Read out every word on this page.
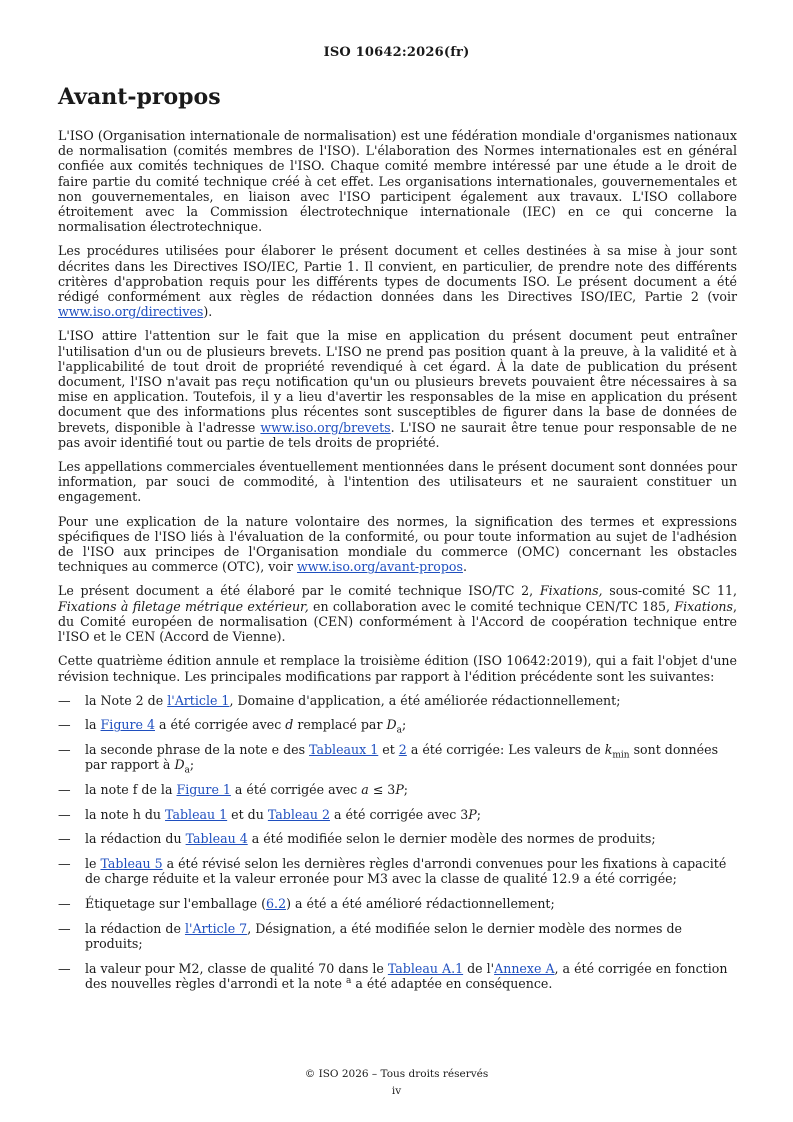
ISO 10642:2026(fr)
Avant-propos

L'ISO (Organisation internationale de normalisation) est une fédération mondiale d'organismes nationaux de normalisation (comités membres de l'ISO). L'élaboration des Normes internationales est en général confiée aux comités techniques de l'ISO. Chaque comité membre intéressé par une étude a le droit de faire partie du comité technique créé à cet effet. Les organisations internationales, gouvernementales et non gouvernementales, en liaison avec l'ISO participent également aux travaux. L'ISO collabore étroitement avec la Commission électrotechnique internationale (IEC) en ce qui concerne la normalisation électrotechnique.

Les procédures utilisées pour élaborer le présent document et celles destinées à sa mise à jour sont décrites dans les Directives ISO/IEC, Partie 1. Il convient, en particulier, de prendre note des différents critères d'approbation requis pour les différents types de documents ISO. Le présent document a été rédigé conformément aux règles de rédaction données dans les Directives ISO/IEC, Partie 2 (voir www.iso.org/directives).

L'ISO attire l'attention sur le fait que la mise en application du présent document peut entraîner l'utilisation d'un ou de plusieurs brevets. L'ISO ne prend pas position quant à la preuve, à la validité et à l'applicabilité de tout droit de propriété revendiqué à cet égard. À la date de publication du présent document, l'ISO n'avait pas reçu notification qu'un ou plusieurs brevets pouvaient être nécessaires à sa mise en application. Toutefois, il y a lieu d'avertir les responsables de la mise en application du présent document que des informations plus récentes sont susceptibles de figurer dans la base de données de brevets, disponible à l'adresse www.iso.org/brevets. L'ISO ne saurait être tenue pour responsable de ne pas avoir identifié tout ou partie de tels droits de propriété.

Les appellations commerciales éventuellement mentionnées dans le présent document sont données pour information, par souci de commodité, à l'intention des utilisateurs et ne sauraient constituer un engagement.

Pour une explication de la nature volontaire des normes, la signification des termes et expressions spécifiques de l'ISO liés à l'évaluation de la conformité, ou pour toute information au sujet de l'adhésion de l'ISO aux principes de l'Organisation mondiale du commerce (OMC) concernant les obstacles techniques au commerce (OTC), voir www.iso.org/avant-propos.

Le présent document a été élaboré par le comité technique ISO/TC 2, Fixations, sous-comité SC 11, Fixations à filetage métrique extérieur, en collaboration avec le comité technique CEN/TC 185, Fixations, du Comité européen de normalisation (CEN) conformément à l'Accord de coopération technique entre l'ISO et le CEN (Accord de Vienne).

Cette quatrième édition annule et remplace la troisième édition (ISO 10642:2019), qui a fait l'objet d'une révision technique. Les principales modifications par rapport à l'édition précédente sont les suivantes:

— la Note 2 de l'Article 1, Domaine d'application, a été améliorée rédactionnellement;
— la Figure 4 a été corrigée avec d remplacé par $D_a$;
— la seconde phrase de la note e des Tableaux 1 et 2 a été corrigée: Les valeurs de $k_{min}$ sont données par rapport à $D_a$;
— la note f de la Figure 1 a été corrigée avec a ≤ 3P;
— la note h du Tableau 1 et du Tableau 2 a été corrigée avec 3P;
— la rédaction du Tableau 4 a été modifiée selon le dernier modèle des normes de produits;
— le Tableau 5 a été révisé selon les dernières règles d'arrondi convenues pour les fixations à capacité de charge réduite et la valeur erronée pour M3 avec la classe de qualité 12.9 a été corrigée;
— Étiquetage sur l'emballage (6.2) a été a été amélioré rédactionnellement;
— la rédaction de l'Article 7, Désignation, a été modifiée selon le dernier modèle des normes de produits;
— la valeur pour M2, classe de qualité 70 dans le Tableau A.1 de l'Annexe A, a été corrigée en fonction des nouvelles règles d'arrondi et la note $^a$ a été adaptée en conséquence.
© ISO 2026 – Tous droits réservés
iv
